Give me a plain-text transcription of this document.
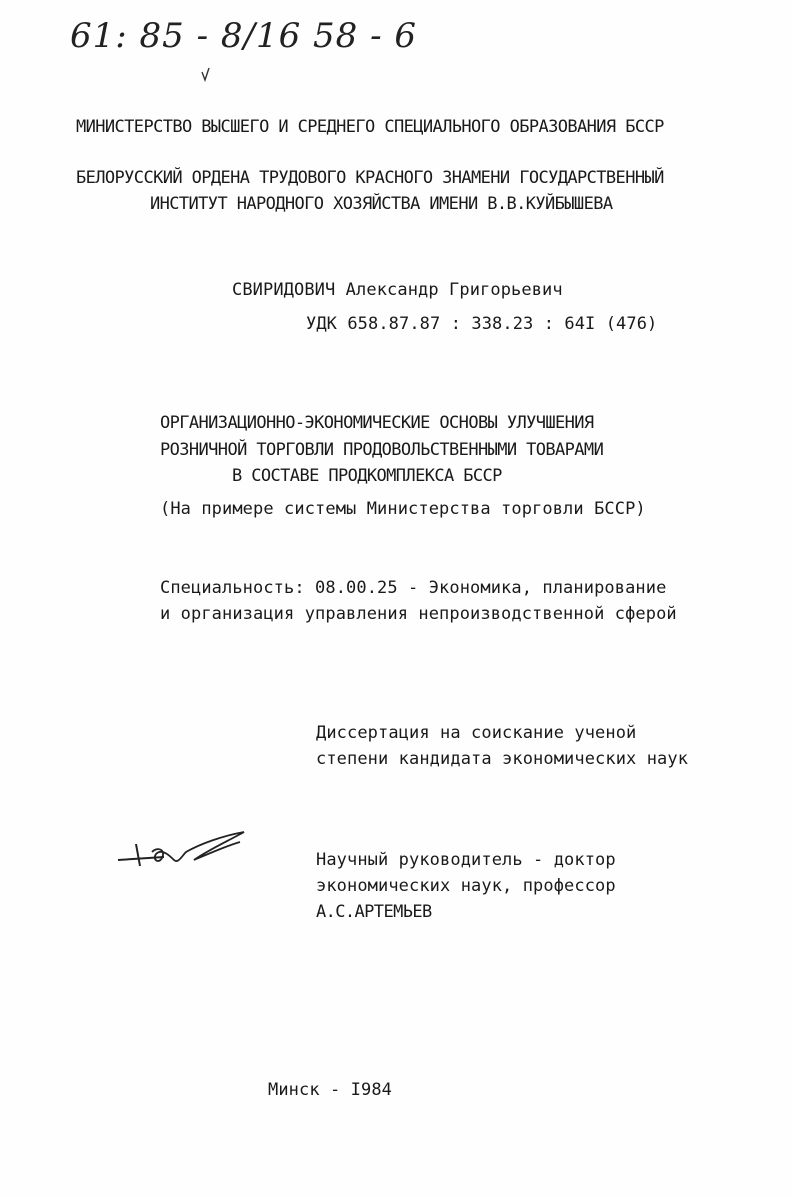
61: 85 - 8/16 58 - 6
МИНИСТЕРСТВО ВЫСШЕГО И СРЕДНЕГО СПЕЦИАЛЬНОГО ОБРАЗОВАНИЯ БССР
БЕЛОРУССКИЙ ОРДЕНА ТРУДОВОГО КРАСНОГО ЗНАМЕНИ ГОСУДАРСТВЕННЫЙ
ИНСТИТУТ НАРОДНОГО ХОЗЯЙСТВА ИМЕНИ В.В.КУЙБЫШЕВА
СВИРИДОВИЧ Александр Григорьевич
УДК 658.87.87 : 338.23 : 64I (476)
ОРГАНИЗАЦИОННО-ЭКОНОМИЧЕСКИЕ ОСНОВЫ УЛУЧШЕНИЯ
РОЗНИЧНОЙ ТОРГОВЛИ ПРОДОВОЛЬСТВЕННЫМИ ТОВАРАМИ
В СОСТАВЕ ПРОДКОМПЛЕКСА БССР
(На примере системы Министерства торговли БССР)
Специальность: 08.00.25 - Экономика, планирование
и организация управления непроизводственной сферой
Диссертация на соискание ученой
степени кандидата экономических наук
Научный руководитель - доктор
экономических наук, профессор
А.С.АРТЕМЬЕВ
Минск - I984
